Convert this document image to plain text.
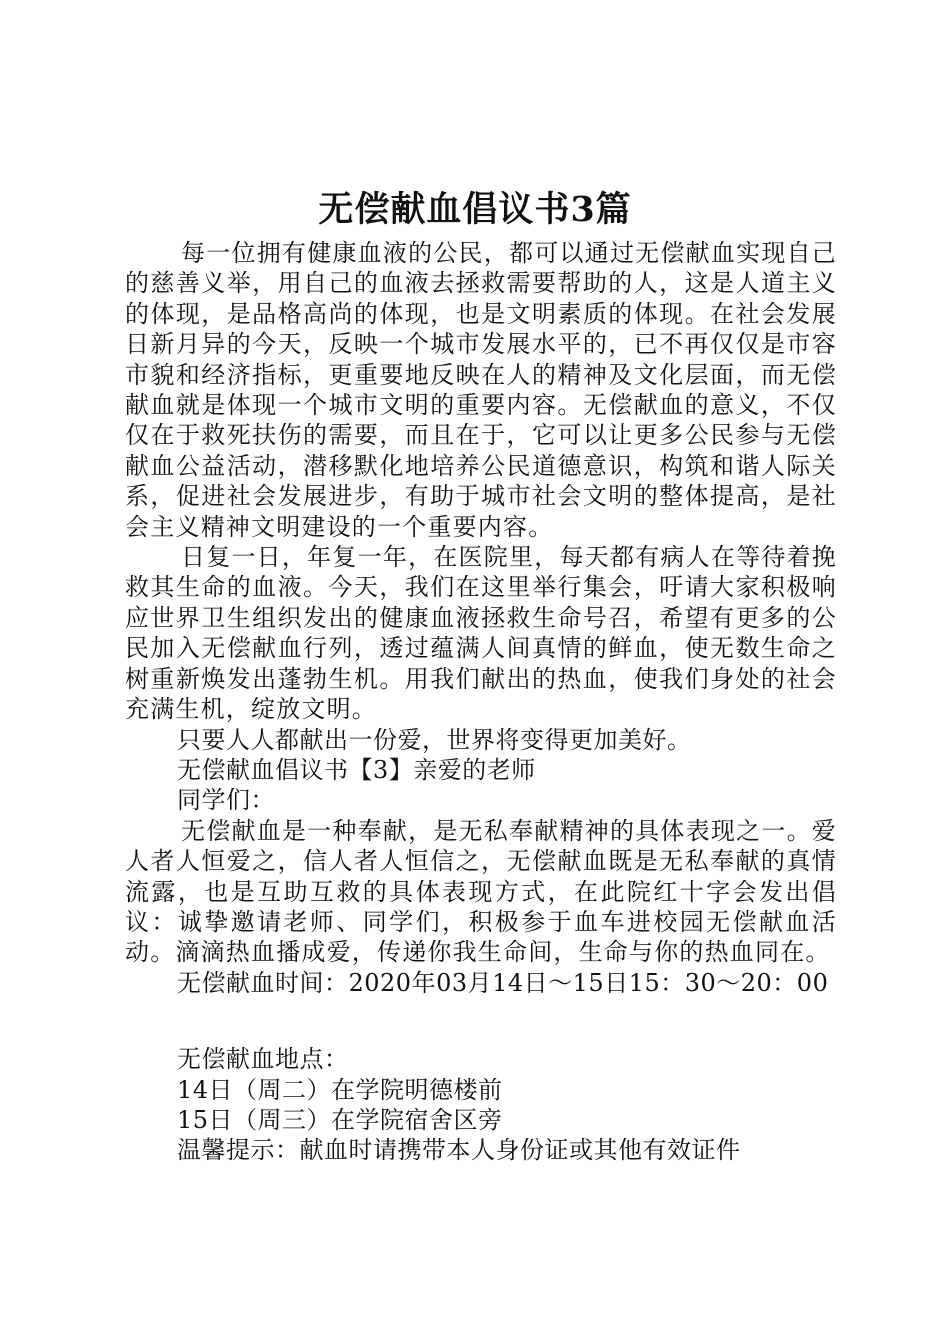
无偿献血倡议书3篇

每一位拥有健康血液的公民，都可以通过无偿献血实现自己的慈善义举，用自己的血液去拯救需要帮助的人，这是人道主义的体现，是品格高尚的体现，也是文明素质的体现。在社会发展日新月异的今天，反映一个城市发展水平的，已不再仅仅是市容市貌和经济指标，更重要地反映在人的精神及文化层面，而无偿献血就是体现一个城市文明的重要内容。无偿献血的意义，不仅仅在于救死扶伤的需要，而且在于，它可以让更多公民参与无偿献血公益活动，潜移默化地培养公民道德意识，构筑和谐人际关系，促进社会发展进步，有助于城市社会文明的整体提高，是社会主义精神文明建设的一个重要内容。

日复一日，年复一年，在医院里，每天都有病人在等待着挽救其生命的血液。今天，我们在这里举行集会，吁请大家积极响应世界卫生组织发出的健康血液拯救生命号召，希望有更多的公民加入无偿献血行列，透过蕴满人间真情的鲜血，使无数生命之树重新焕发出蓬勃生机。用我们献出的热血，使我们身处的社会充满生机，绽放文明。

只要人人都献出一份爱，世界将变得更加美好。

无偿献血倡议书【3】亲爱的老师

同学们：

无偿献血是一种奉献，是无私奉献精神的具体表现之一。爱人者人恒爱之，信人者人恒信之，无偿献血既是无私奉献的真情流露，也是互助互救的具体表现方式，在此院红十字会发出倡议：诚挚邀请老师、同学们，积极参于血车进校园无偿献血活动。滴滴热血播成爱，传递你我生命间，生命与你的热血同在。

无偿献血时间：2020年03月14日～15日15：30～20：00

无偿献血地点：

14日（周二）在学院明德楼前

15日（周三）在学院宿舍区旁

温馨提示：献血时请携带本人身份证或其他有效证件
